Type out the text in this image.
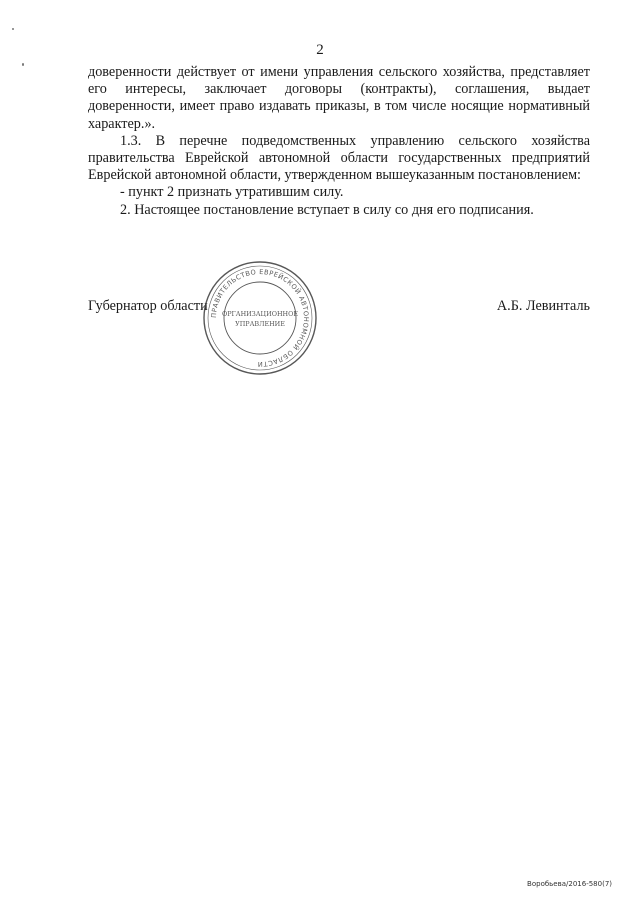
2

доверенности действует от имени управления сельского хозяйства, представляет его интересы, заключает договоры (контракты), соглашения, выдает доверенности, имеет право издавать приказы, в том числе носящие нормативный характер.».

1.3. В перечне подведомственных управлению сельского хозяйства правительства Еврейской автономной области государственных предприятий Еврейской автономной области, утвержденном вышеуказанным постановлением:

- пункт 2 признать утратившим силу.

2. Настоящее постановление вступает в силу со дня его подписания.

Губернатор области	А.Б. Левинталь
ПРАВИТЕЛЬСТВО ЕВРЕЙСКОЙ АВТОНОМНОЙ ОБЛАСТИ
ОРГАНИЗАЦИОННОЕ
УПРАВЛЕНИЕ
Воробьева/2016-580(7)
